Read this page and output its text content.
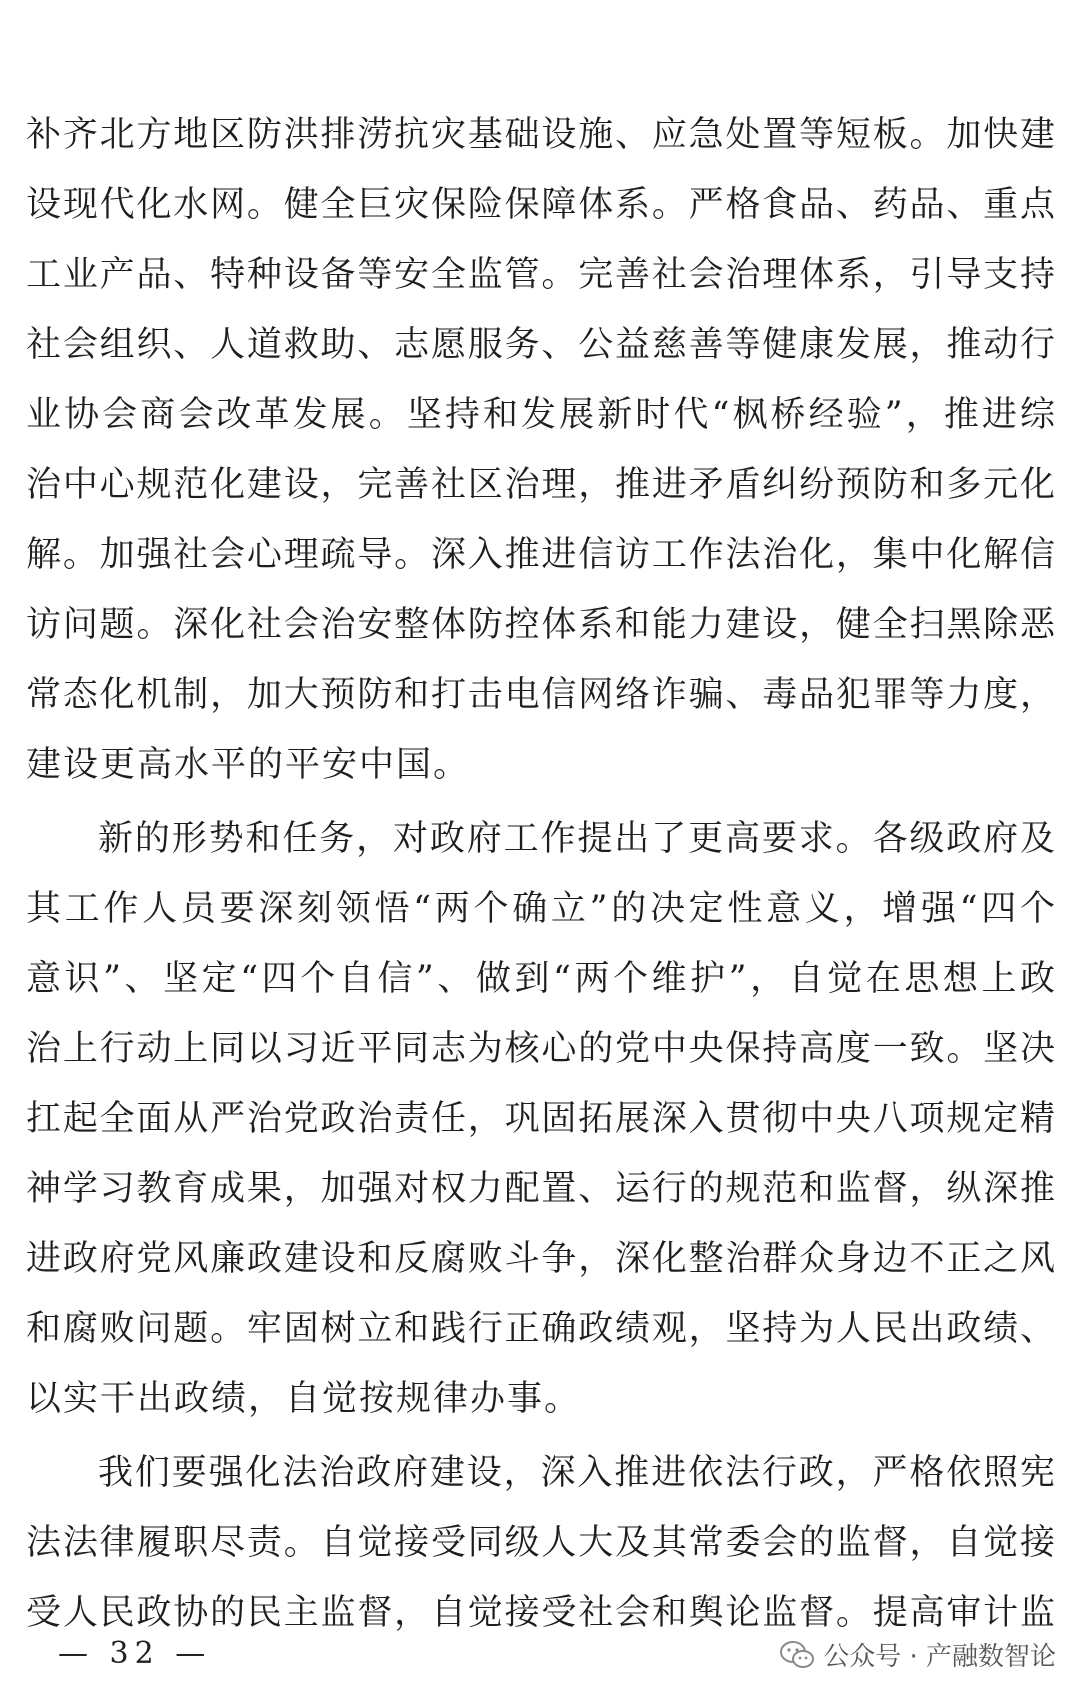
补齐北方地区防洪排涝抗灾基础设施、应急处置等短板。加快建
设现代化水网。健全巨灾保险保障体系。严格食品、药品、重点
工业产品、特种设备等安全监管。完善社会治理体系，引导支持
社会组织、人道救助、志愿服务、公益慈善等健康发展，推动行
业协会商会改革发展。坚持和发展新时代“枫桥经验”，推进综
治中心规范化建设，完善社区治理，推进矛盾纠纷预防和多元化
解。加强社会心理疏导。深入推进信访工作法治化，集中化解信
访问题。深化社会治安整体防控体系和能力建设，健全扫黑除恶
常态化机制，加大预防和打击电信网络诈骗、毒品犯罪等力度，
建设更高水平的平安中国。
新的形势和任务，对政府工作提出了更高要求。各级政府及
其工作人员要深刻领悟“两个确立”的决定性意义，增强“四个
意识”、坚定“四个自信”、做到“两个维护”，自觉在思想上政
治上行动上同以习近平同志为核心的党中央保持高度一致。坚决
扛起全面从严治党政治责任，巩固拓展深入贯彻中央八项规定精
神学习教育成果，加强对权力配置、运行的规范和监督，纵深推
进政府党风廉政建设和反腐败斗争，深化整治群众身边不正之风
和腐败问题。牢固树立和践行正确政绩观，坚持为人民出政绩、
以实干出政绩，自觉按规律办事。
我们要强化法治政府建设，深入推进依法行政，严格依照宪
法法律履职尽责。自觉接受同级人大及其常委会的监督，自觉接
受人民政协的民主监督，自觉接受社会和舆论监督。提高审计监
— 32 —	公众号 · 产融数智论
